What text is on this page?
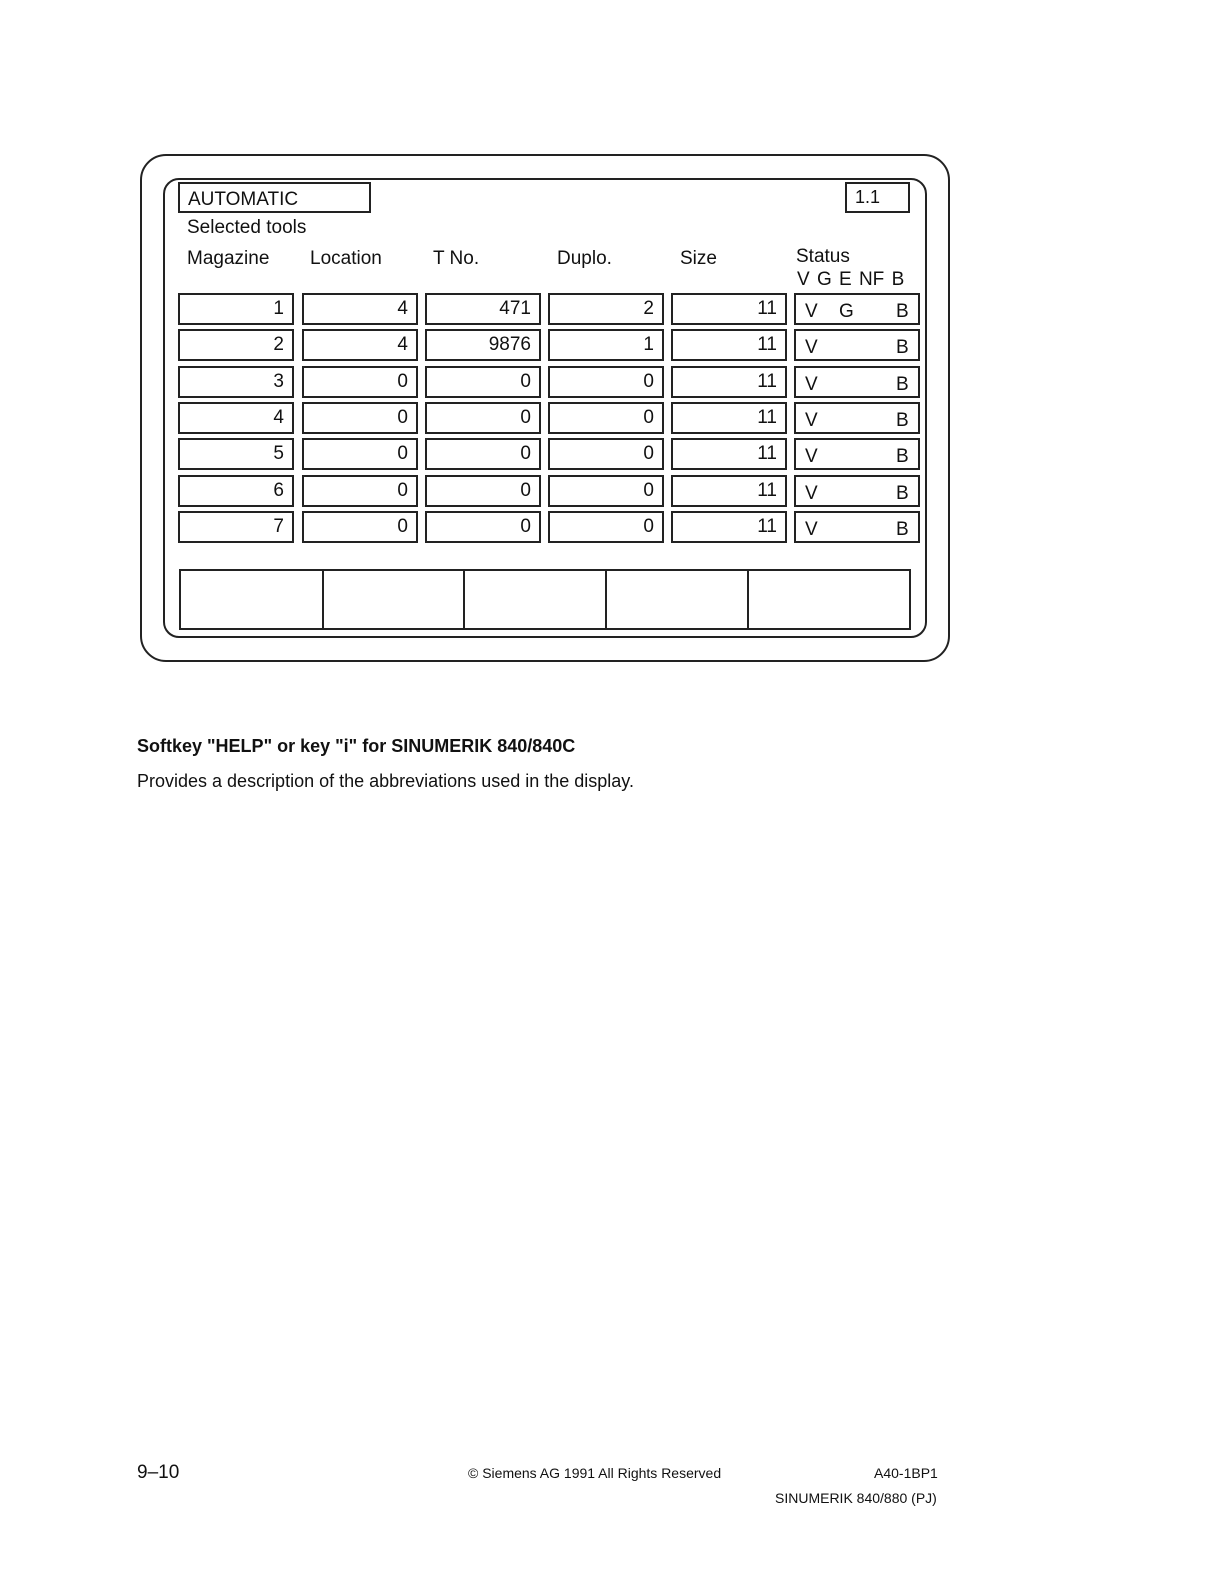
AUTOMATIC	1.1
Selected tools
Magazine Location	T No.	Duplo.	Size	Status
V G E NF B
1	4	471	2	11	V G B
2	4	9876	1	11	V	B
3	0	0	0	11	V	B
4	0	0	0	11	V	B
5	0	0	0	11	V	B
6	0	0	0	11	V	B
7	0	0	0	11	V	B
Softkey "HELP" or key "i" for SINUMERIK 840/840C
Provides a description of the abbreviations used in the display.
9–10	© Siemens AG 1991 All Rights Reserved	A40-1BP1
SINUMERIK 840/880 (PJ)
